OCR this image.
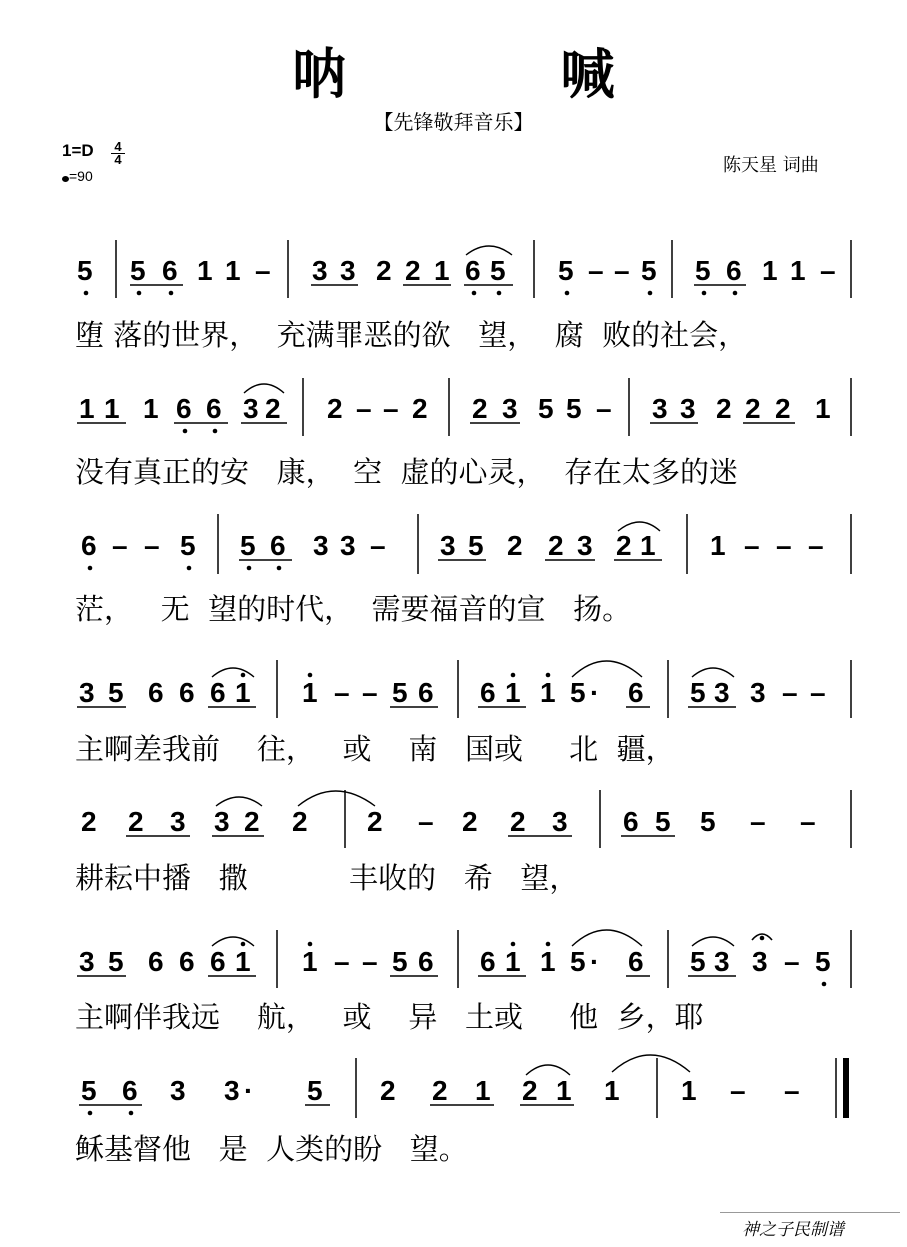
呐　喊
【先锋敬拜音乐】
1=D 4
4
=90	陈天星 词曲
5 5 6 1 1 – 3 3 2 2 1 6 5 5 – – 5 5 6 1 1 –
1 1 1 6 6 3 2 2 – – 2 2 3 5 5 – 3 3 2 2 2 1
6 – – 5 5 6 3 3 – 3 5 2 2 3 2 1 1 – – –
3 5 6 6 6 1 1 – – 5 6 6 1 1 5 · 6 5 3 3 – –
2 2 3 3 2 2 2 – 2 2 3 6 5 5 – –
3 5 6 6 6 1 1 – – 5 6 6 1 1 5 · 6 5 3 3 – 5
5 6 3 3 · 5 2 2 1 2 1 1 1 – –
堕 落的世界，  充满罪恶的欲   望，  腐  败的社会，
没有真正的安   康，  空  虚的心灵，  存在太多的迷
茫，   无  望的时代，  需要福音的宣   扬。
主啊差我前    往，   或    南   国或     北  疆，
耕耘中播   撒           丰收的   希   望，
主啊伴我远    航，   或    异   土或     他  乡，耶
稣基督他   是  人类的盼   望。
神之子民制谱
